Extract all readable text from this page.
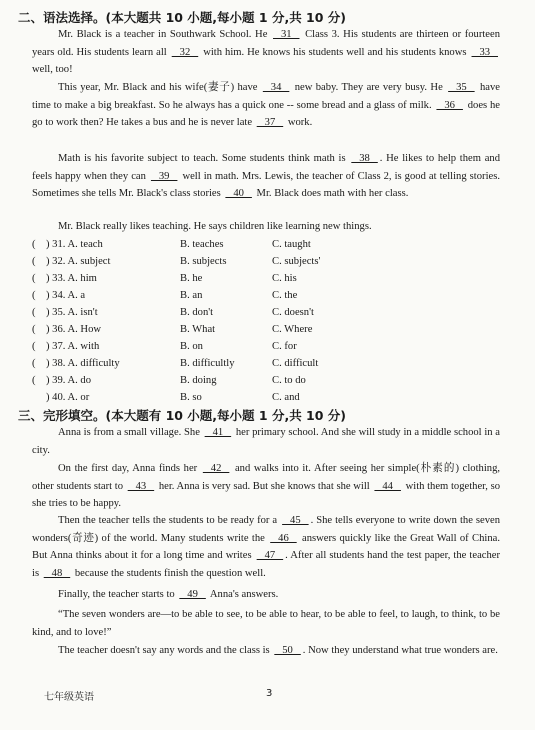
二、语法选择。(本大题共 10 小题,每小题 1 分,共 10 分)

Mr. Black is a teacher in Southwark School. He    31    Class 3. His students are thirteen or fourteen years old. His students learn all    32    with him. He knows his students well and his students knows    33    well, too!

This year, Mr. Black and his wife(妻子) have    34    new baby. They are very busy. He    35    have time to make a big breakfast. So he always has a quick one -- some bread and a glass of milk.    36    does he go to work then? He takes a bus and he is never late    37    work.

Math is his favorite subject to teach. Some students think math is    38   . He likes to help them and feels happy when they can    39    well in math. Mrs. Lewis, the teacher of Class 2, is good at telling stories. Sometimes she tells Mr. Black's class stories    40    Mr. Black does math with her class.

Mr. Black really likes teaching. He says children like learning new things.

( ) 31. A. teach	B. teaches	C. taught
( ) 32. A. subject	B. subjects	C. subjects'
( ) 33. A. him	B. he	C. his
( ) 34. A. a	B. an	C. the
( ) 35. A. isn't	B. don't	C. doesn't
( ) 36. A. How	B. What	C. Where
( ) 37. A. with	B. on	C. for
( ) 38. A. difficulty	B. difficultly	C. difficult
( ) 39. A. do	B. doing	C. to do
) 40. A. or	B. so	C. and
三、完形填空。(本大题有 10 小题,每小题 1 分,共 10 分)

Anna is from a small village. She    41    her primary school. And she will study in a middle school in a city.

On the first day, Anna finds her    42    and walks into it. After seeing her simple(朴素的) clothing, other students start to    43    her. Anna is very sad. But she knows that she will    44    with them together, so she tries to be happy.

Then the teacher tells the students to be ready for a    45   . She tells everyone to write down the seven wonders(奇迹) of the world. Many students write the    46    answers quickly like the Great Wall of China. But Anna thinks about it for a long time and writes    47   . After all students hand the test paper, the teacher is    48    because the students finish the question well.

Finally, the teacher starts to    49    Anna's answers.

“The seven wonders are—to be able to see, to be able to hear, to be able to feel, to laugh, to think, to be kind, and to love!”

The teacher doesn't say any words and the class is    50   . Now they understand what true wonders are.

七年级英语	3
